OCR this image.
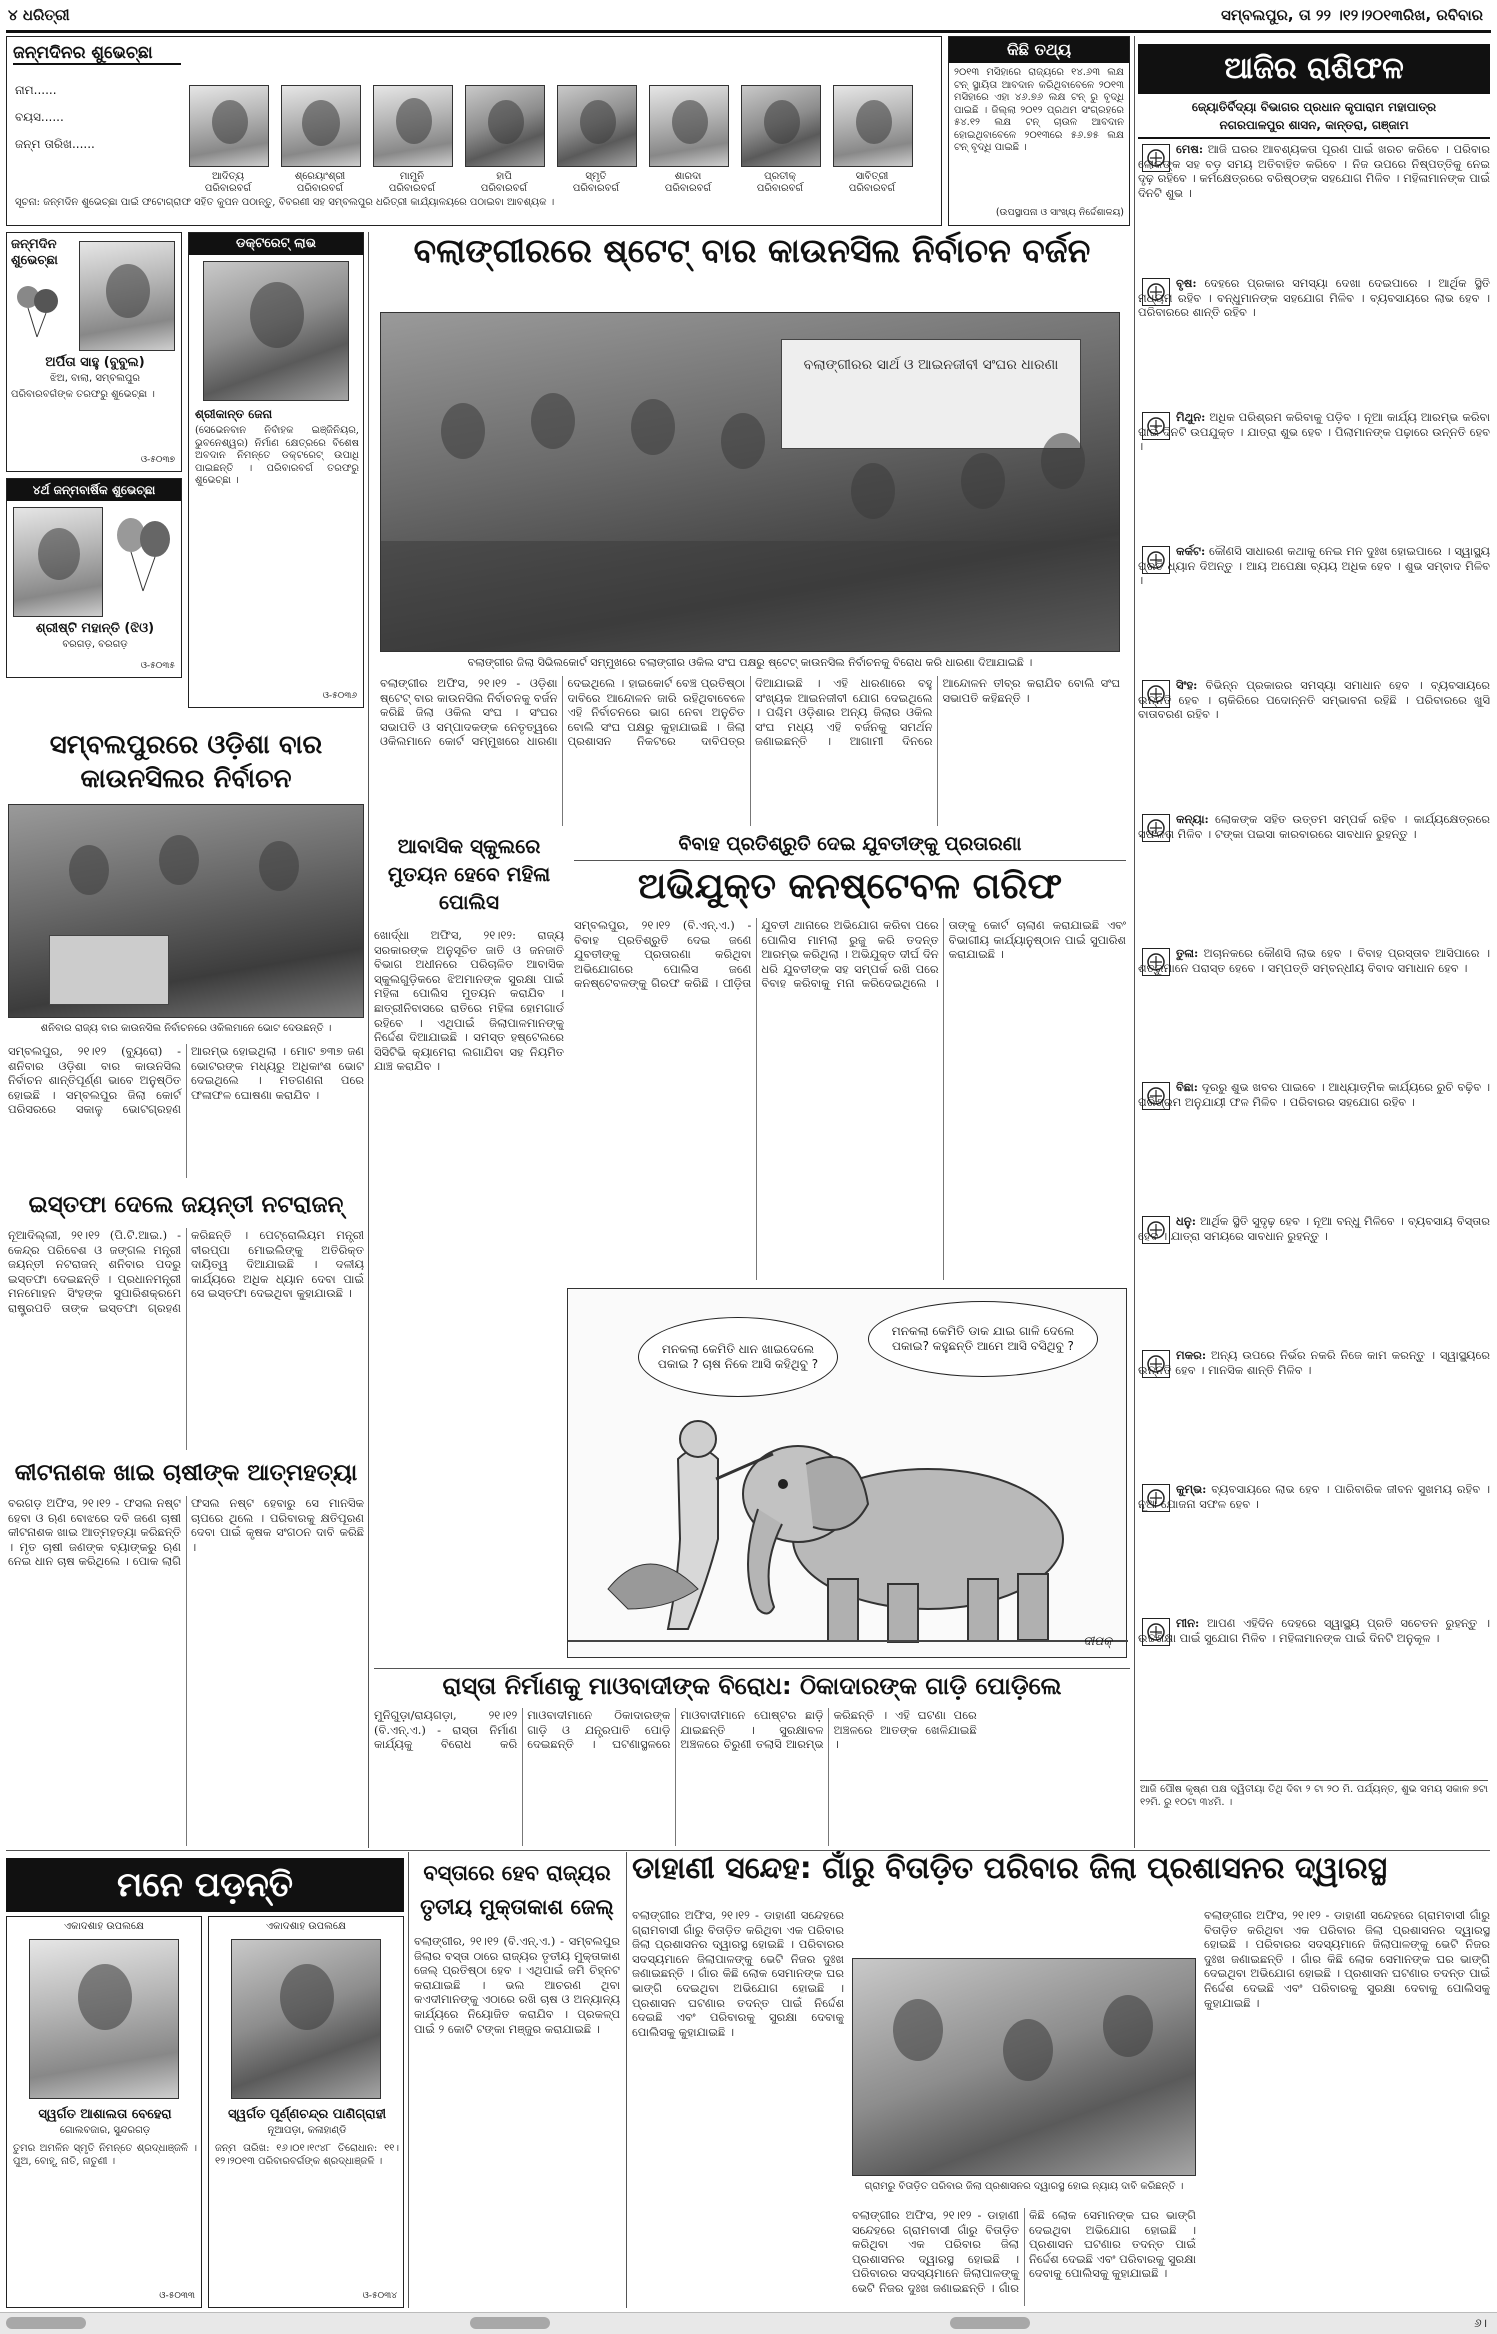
୪ ଧରିତ୍ରୀ	ସମ୍ବଲପୁର, ତା ୨୨ ।୧୨।୨୦୧୩ରିଖ, ରବିବାର
ଜନ୍ମଦିନର ଶୁଭେଚ୍ଛା
ନାମ......
ବୟସ......
ଜନ୍ମ ତାରିଖ......
ଆଦିତ୍ୟ
ପରିବାରବର୍ଗ
ଶ୍ରେୟାଂଶ୍ରୀ
ପରିବାରବର୍ଗ
ମାମୁନି
ପରିବାରବର୍ଗ
ହାପି
ପରିବାରବର୍ଗ
ସ୍ମୃତି
ପରିବାରବର୍ଗ
ଶାରଦା
ପରିବାରବର୍ଗ
ପ୍ରତୀକ୍
ପରିବାରବର୍ଗ
ସାବିତ୍ରୀ
ପରିବାରବର୍ଗ
ସୂଚନା: ଜନ୍ମଦିନ ଶୁଭେଚ୍ଛା ପାଇଁ ଫଟୋଗ୍ରାଫ ସହିତ କୁପନ ପଠାନ୍ତୁ, ବିବରଣୀ ସହ ସମ୍ବଲପୁର ଧରିତ୍ରୀ କାର୍ଯ୍ୟାଳୟରେ ପଠାଇବା ଆବଶ୍ୟକ ।
କିଛି ତଥ୍ୟ
୨୦୧୩ ମସିହାରେ ରାଜ୍ୟରେ ୧୪.୬୩ ଲକ୍ଷ ଟନ୍ ସ୍ଥାୟିତା ଆବଦାନ କରିଥିବାବେଳେ ୨୦୧୩ ମସିହାରେ ଏହା ୪୬.୭୬ ଲକ୍ଷ ଟନ୍ ରୁ ବୃଦ୍ଧି ପାଇଛି । ଜିଲ୍ଲା ୨୦୧୨ ପ୍ରଥମ ସଂଗ୍ରହରେ ୫୪.୧୨ ଲକ୍ଷ ଟନ୍ ଚାଉଳ ଆବଦାନ ହୋଇଥିବାବେଳେ ୨୦୧୩ରେ ୫୬.୭୫ ଲକ୍ଷ ଟନ୍ ବୃଦ୍ଧି ପାଇଛି ।
(ଉପସ୍ଥାପନା ଓ ସାଂଖ୍ୟ ନିର୍ଦ୍ଦେଶାଳୟ)
ଆଜିର ରାଶିଫଳ
ଜ୍ୟୋତିର୍ବିଦ୍ୟା ବିଭାଗର ପ୍ରଧାନ କୃପାରାମ ମହାପାତ୍ର
ନଗରପାଳପୁର ଶାସନ, କାନ୍ତରା, ଗଞ୍ଜାମ
ମେଷ: ଆଜି ଘରର ଆବଶ୍ୟକତା ପୂରଣ ପାଇଁ ଖରଚ କରିବେ । ପରିବାର ଲୋକଙ୍କ ସହ ବଡ଼ ସମୟ ଅତିବାହିତ କରିବେ । ନିଜ ଉପରେ ନିଷ୍ପତ୍ତିକୁ ନେଇ ଦୃଢ଼ ରହିବେ । କର୍ମକ୍ଷେତ୍ରରେ ବରିଷ୍ଠଙ୍କ ସହଯୋଗ ମିଳିବ । ମହିଳାମାନଙ୍କ ପାଇଁ ଦିନଟି ଶୁଭ ।
ବୃଷ: ଦେହରେ ପ୍ରକାର ସମସ୍ୟା ଦେଖା ଦେଇପାରେ । ଆର୍ଥିକ ସ୍ଥିତି ମଧ୍ୟମ ରହିବ । ବନ୍ଧୁମାନଙ୍କ ସହଯୋଗ ମିଳିବ । ବ୍ୟବସାୟରେ ଲାଭ ହେବ । ପରିବାରରେ ଶାନ୍ତି ରହିବ ।
ମିଥୁନ: ଅଧିକ ପରିଶ୍ରମ କରିବାକୁ ପଡ଼ିବ । ନୂଆ କାର୍ଯ୍ୟ ଆରମ୍ଭ କରିବା ପାଇଁ ଦିନଟି ଉପଯୁକ୍ତ । ଯାତ୍ରା ଶୁଭ ହେବ । ପିଲାମାନଙ୍କ ପଢ଼ାରେ ଉନ୍ନତି ହେବ ।
କର୍କଟ: କୌଣସି ସାଧାରଣ କଥାକୁ ନେଇ ମନ ଦୁଃଖ ହୋଇପାରେ । ସ୍ୱାସ୍ଥ୍ୟ ପ୍ରତି ଧ୍ୟାନ ଦିଅନ୍ତୁ । ଆୟ ଅପେକ୍ଷା ବ୍ୟୟ ଅଧିକ ହେବ । ଶୁଭ ସମ୍ବାଦ ମିଳିବ ।
ସିଂହ: ବିଭିନ୍ନ ପ୍ରକାରର ସମସ୍ୟା ସମାଧାନ ହେବ । ବ୍ୟବସାୟରେ ଉନ୍ନତି ହେବ । ଚାକିରିରେ ପଦୋନ୍ନତି ସମ୍ଭାବନା ରହିଛି । ପରିବାରରେ ଖୁସି ବାତାବରଣ ରହିବ ।
କନ୍ୟା: ଲୋକଙ୍କ ସହିତ ଉତ୍ତମ ସମ୍ପର୍କ ରହିବ । କାର୍ଯ୍ୟକ୍ଷେତ୍ରରେ ସଫଳତା ମିଳିବ । ଟଙ୍କା ପଇସା କାରବାରରେ ସାବଧାନ ରୁହନ୍ତୁ ।
ତୁଳା: ଅଚାନକରେ କୌଣସି ଲାଭ ହେବ । ବିବାହ ପ୍ରସ୍ତାବ ଆସିପାରେ । ଶତ୍ରୁମାନେ ପରାସ୍ତ ହେବେ । ସମ୍ପତ୍ତି ସମ୍ବନ୍ଧୀୟ ବିବାଦ ସମାଧାନ ହେବ ।
ବିଛା: ଦୂରରୁ ଶୁଭ ଖବର ପାଇବେ । ଆଧ୍ୟାତ୍ମିକ କାର୍ଯ୍ୟରେ ରୁଚି ବଢ଼ିବ । ପରିଶ୍ରମ ଅନୁଯାୟୀ ଫଳ ମିଳିବ । ପରିବାରର ସହଯୋଗ ରହିବ ।
ଧନୁ: ଆର୍ଥିକ ସ୍ଥିତି ସୁଦୃଢ଼ ହେବ । ନୂଆ ବନ୍ଧୁ ମିଳିବେ । ବ୍ୟବସାୟ ବିସ୍ତାର ହେବ । ଯାତ୍ରା ସମୟରେ ସାବଧାନ ରୁହନ୍ତୁ ।
ମକର: ଅନ୍ୟ ଉପରେ ନିର୍ଭର ନକରି ନିଜେ କାମ କରନ୍ତୁ । ସ୍ୱାସ୍ଥ୍ୟରେ ଉନ୍ନତି ହେବ । ମାନସିକ ଶାନ୍ତି ମିଳିବ ।
କୁମ୍ଭ: ବ୍ୟବସାୟରେ ଲାଭ ହେବ । ପାରିବାରିକ ଜୀବନ ସୁଖମୟ ରହିବ । ନୂଆ ଯୋଜନା ସଫଳ ହେବ ।
ମୀନ: ଆପଣ ଏହିଦିନ ଦେହରେ ସ୍ୱାସ୍ଥ୍ୟ ପ୍ରତି ସଚେତନ ରୁହନ୍ତୁ । ଉଚ୍ଚଶିକ୍ଷା ପାଇଁ ସୁଯୋଗ ମିଳିବ । ମହିଳାମାନଙ୍କ ପାଇଁ ଦିନଟି ଅନୁକୂଳ ।
ଆଜି ପୌଷ କୃଷ୍ଣ ପକ୍ଷ ଦ୍ୱିତୀୟା ତିଥି ଦିବା ୨ ଟା ୨୦ ମି. ପର୍ଯ୍ୟନ୍ତ, ଶୁଭ ସମୟ ସକାଳ ୭ଟା ୧୨ମି. ରୁ ୧୦ଟା ୩୪ମି. ।
ଜନ୍ମଦିନ ଶୁଭେଚ୍ଛା
ଅର୍ପିତା ସାହୁ (ବୁବୁଲ)
ଝିଅ, ବାଲା, ସମ୍ବଲପୁର
ପରିବାରବର୍ଗଙ୍କ ତରଫରୁ ଶୁଭେଚ୍ଛା ।
ଓ-୫୦୩୭
୪ର୍ଥ ଜନ୍ମବାର୍ଷିକ ଶୁଭେଚ୍ଛା
ଶ୍ରୀଷ୍ଟି ମହାନ୍ତି (ଝିଓ)
ବରଗଡ଼, ବରଗଡ଼
ଓ-୫୦୩୫
ଡକ୍ଟରେଟ୍ ଲାଭ
ଶ୍ରୀକାନ୍ତ ଜେନା
(ସେଭେନବାନ ନିର୍ବାହକ ଇଞ୍ଜିନିୟର, ଭୁବନେଶ୍ୱର) ନିର୍ମାଣ କ୍ଷେତ୍ରରେ ବିଶେଷ ଅବଦାନ ନିମନ୍ତେ ଡକ୍ଟରେଟ୍ ଉପାଧି ପାଇଛନ୍ତି । ପରିବାରବର୍ଗ ତରଫରୁ ଶୁଭେଚ୍ଛା ।
ଓ-୫୦୩୬
ବଲାଙ୍ଗୀରରେ ଷ୍ଟେଟ୍ ବାର କାଉନସିଲ ନିର୍ବାଚନ ବର୍ଜନ
ବଲାଙ୍ଗୀରର ସାର୍ଥ ଓ ଆଇନଜୀବୀ ସଂଘର ଧାରଣା
ବଲାଙ୍ଗୀର ଜିଲା ସିଭିଲକୋର୍ଟ ସମ୍ମୁଖରେ ବଲାଙ୍ଗୀର ଓକିଲ ସଂଘ ପକ୍ଷରୁ ଷ୍ଟେଟ୍ କାଉନସିଲ ନିର୍ବାଚନକୁ ବିରୋଧ କରି ଧାରଣା ଦିଆଯାଇଛି ।
ବଲାଙ୍ଗୀର ଅଫିସ, ୨୧।୧୨ - ଓଡ଼ିଶା ଷ୍ଟେଟ୍ ବାର କାଉନସିଲ ନିର୍ବାଚନକୁ ବର୍ଜନ କରିଛି ଜିଲା ଓକିଲ ସଂଘ । ସଂଘର ସଭାପତି ଓ ସମ୍ପାଦକଙ୍କ ନେତୃତ୍ୱରେ ଓକିଲମାନେ କୋର୍ଟ ସମ୍ମୁଖରେ ଧାରଣା ଦେଇଥିଲେ । ହାଇକୋର୍ଟ ବେଞ୍ଚ ପ୍ରତିଷ୍ଠା ଦାବିରେ ଆନ୍ଦୋଳନ ଜାରି ରହିଥିବାବେଳେ ଏହି ନିର୍ବାଚନରେ ଭାଗ ନେବା ଅନୁଚିତ ବୋଲି ସଂଘ ପକ୍ଷରୁ କୁହାଯାଇଛି । ଜିଲା ପ୍ରଶାସନ ନିକଟରେ ଦାବିପତ୍ର ଦିଆଯାଇଛି । ଏହି ଧାରଣାରେ ବହୁ ସଂଖ୍ୟକ ଆଇନଜୀବୀ ଯୋଗ ଦେଇଥିଲେ । ପଶ୍ଚିମ ଓଡ଼ିଶାର ଅନ୍ୟ ଜିଲାର ଓକିଲ ସଂଘ ମଧ୍ୟ ଏହି ବର୍ଜନକୁ ସମର୍ଥନ ଜଣାଇଛନ୍ତି । ଆଗାମୀ ଦିନରେ ଆନ୍ଦୋଳନ ତୀବ୍ର କରାଯିବ ବୋଲି ସଂଘ ସଭାପତି କହିଛନ୍ତି ।
ସମ୍ବଲପୁରରେ ଓଡ଼ିଶା ବାର କାଉନସିଲର ନିର୍ବାଚନ
ଶନିବାର ରାଜ୍ୟ ବାର କାଉନସିଲ ନିର୍ବାଚନରେ ଓକିଲମାନେ ଭୋଟ ଦେଉଛନ୍ତି ।
ସମ୍ବଲପୁର, ୨୧।୧୨ (ବ୍ୟୁରୋ) - ଶନିବାର ଓଡ଼ିଶା ବାର କାଉନସିଲ ନିର୍ବାଚନ ଶାନ୍ତିପୂର୍ଣ୍ଣ ଭାବେ ଅନୁଷ୍ଠିତ ହୋଇଛି । ସମ୍ବଲପୁର ଜିଲା କୋର୍ଟ ପରିସରରେ ସକାଳୁ ଭୋଟଗ୍ରହଣ ଆରମ୍ଭ ହୋଇଥିଲା । ମୋଟ ୭୩୭ ଜଣ ଭୋଟରଙ୍କ ମଧ୍ୟରୁ ଅଧିକାଂଶ ଭୋଟ ଦେଇଥିଲେ । ମତଗଣନା ପରେ ଫଳାଫଳ ଘୋଷଣା କରାଯିବ ।
ଆବାସିକ ସ୍କୁଲରେ ମୁତୟନ ହେବେ ମହିଳା ପୋଲିସ
ଖୋର୍ଦ୍ଧା ଅଫିସ, ୨୧।୧୨: ରାଜ୍ୟ ସରକାରଙ୍କ ଅନୁସୂଚିତ ଜାତି ଓ ଜନଜାତି ବିଭାଗ ଅଧୀନରେ ପରିଚାଳିତ ଆବାସିକ ସ୍କୁଲଗୁଡ଼ିକରେ ଝିଅମାନଙ୍କ ସୁରକ୍ଷା ପାଇଁ ମହିଳା ପୋଲିସ ମୁତୟନ କରାଯିବ । ଛାତ୍ରୀନିବାସରେ ରାତିରେ ମହିଳା ହୋମଗାର୍ଡ ରହିବେ । ଏଥିପାଇଁ ଜିଲାପାଳମାନଙ୍କୁ ନିର୍ଦ୍ଦେଶ ଦିଆଯାଇଛି । ସମସ୍ତ ହଷ୍ଟେଲରେ ସିସିଟିଭି କ୍ୟାମେରା ଲଗାଯିବା ସହ ନିୟମିତ ଯାଞ୍ଚ କରାଯିବ ।
ବିବାହ ପ୍ରତିଶ୍ରୁତି ଦେଇ ଯୁବତୀଙ୍କୁ ପ୍ରତାରଣା
ଅଭିଯୁକ୍ତ କନଷ୍ଟେବଳ ଗରିଫ
ସମ୍ବଲପୁର, ୨୧।୧୨ (ବି.ଏନ୍.ଏ.) - ବିବାହ ପ୍ରତିଶ୍ରୁତି ଦେଇ ଜଣେ ଯୁବତୀଙ୍କୁ ପ୍ରତାରଣା କରିଥିବା ଅଭିଯୋଗରେ ପୋଲିସ ଜଣେ କନଷ୍ଟେବଳଙ୍କୁ ଗିରଫ କରିଛି । ପୀଡ଼ିତା ଯୁବତୀ ଥାନାରେ ଅଭିଯୋଗ କରିବା ପରେ ପୋଲିସ ମାମଲା ରୁଜୁ କରି ତଦନ୍ତ ଆରମ୍ଭ କରିଥିଲା । ଅଭିଯୁକ୍ତ ଦୀର୍ଘ ଦିନ ଧରି ଯୁବତୀଙ୍କ ସହ ସମ୍ପର୍କ ରଖି ପରେ ବିବାହ କରିବାକୁ ମନା କରିଦେଇଥିଲେ । ତାଙ୍କୁ କୋର୍ଟ ଚାଲାଣ କରାଯାଇଛି ଏବଂ ବିଭାଗୀୟ କାର୍ଯ୍ୟାନୁଷ୍ଠାନ ପାଇଁ ସୁପାରିଶ କରାଯାଇଛି ।
ମନକଲା କେମିତି ଧାନ ଖାଇଦେଲେ ପକାଇ ? ଚାଷ ନିକେ ଆସି କହିଥିବୁ ?
ମନକଲା କେମିତି ଡାକ ଯାଇ ଗାଳି ଦେଲେ ପକାଇ? କହୁଛନ୍ତି ଆମେ ଆସି ବସିଥିବୁ ?
ଦୀପକ୍
ଇସ୍ତଫା ଦେଲେ ଜୟନ୍ତୀ ନଟରାଜନ୍
ନୂଆଦିଲ୍ଲୀ, ୨୧।୧୨ (ପି.ଟି.ଆଇ.) - କେନ୍ଦ୍ର ପରିବେଶ ଓ ଜଙ୍ଗଲ ମନ୍ତ୍ରୀ ଜୟନ୍ତୀ ନଟରାଜନ୍ ଶନିବାର ପଦରୁ ଇସ୍ତଫା ଦେଇଛନ୍ତି । ପ୍ରଧାନମନ୍ତ୍ରୀ ମନମୋହନ ସିଂହଙ୍କ ସୁପାରିଶକ୍ରମେ ରାଷ୍ଟ୍ରପତି ତାଙ୍କ ଇସ୍ତଫା ଗ୍ରହଣ କରିଛନ୍ତି । ପେଟ୍ରୋଲିୟମ ମନ୍ତ୍ରୀ ବୀରପ୍ପା ମୋଇଲିଙ୍କୁ ଅତିରିକ୍ତ ଦାୟିତ୍ୱ ଦିଆଯାଇଛି । ଦଳୀୟ କାର୍ଯ୍ୟରେ ଅଧିକ ଧ୍ୟାନ ଦେବା ପାଇଁ ସେ ଇସ୍ତଫା ଦେଇଥିବା କୁହାଯାଉଛି ।
କୀଟନାଶକ ଖାଇ ଚାଷୀଙ୍କ ଆତ୍ମହତ୍ୟା
ବରଗଡ଼ ଅଫିସ, ୨୧।୧୨ - ଫସଲ ନଷ୍ଟ ହେବା ଓ ଋଣ ବୋଝରେ ଦବି ଜଣେ ଚାଷୀ କୀଟନାଶକ ଖାଇ ଆତ୍ମହତ୍ୟା କରିଛନ୍ତି । ମୃତ ଚାଷୀ ଜଣଙ୍କ ବ୍ୟାଙ୍କରୁ ଋଣ ନେଇ ଧାନ ଚାଷ କରିଥିଲେ । ପୋକ ଲାଗି ଫସଲ ନଷ୍ଟ ହେବାରୁ ସେ ମାନସିକ ଚାପରେ ଥିଲେ । ପରିବାରକୁ କ୍ଷତିପୂରଣ ଦେବା ପାଇଁ କୃଷକ ସଂଗଠନ ଦାବି କରିଛି ।
ରାସ୍ତା ନିର୍ମାଣକୁ ମାଓବାଦୀଙ୍କ ବିରୋଧ: ଠିକାଦାରଙ୍କ ଗାଡ଼ି ପୋଡ଼ିଲେ
ମୁନିଗୁଡ଼ା/ରାୟଗଡ଼ା, ୨୧।୧୨ (ବି.ଏନ୍.ଏ.) - ରାସ୍ତା ନିର୍ମାଣ କାର୍ଯ୍ୟକୁ ବିରୋଧ କରି ମାଓବାଦୀମାନେ ଠିକାଦାରଙ୍କ ଗାଡ଼ି ଓ ଯନ୍ତ୍ରପାତି ପୋଡ଼ି ଦେଇଛନ୍ତି । ଘଟଣାସ୍ଥଳରେ ମାଓବାଦୀମାନେ ପୋଷ୍ଟର ଛାଡ଼ି ଯାଇଛନ୍ତି । ସୁରକ୍ଷାବଳ ଅଞ୍ଚଳରେ ଚିରୁଣୀ ତଲାସି ଆରମ୍ଭ କରିଛନ୍ତି । ଏହି ଘଟଣା ପରେ ଅଞ୍ଚଳରେ ଆତଙ୍କ ଖେଳିଯାଇଛି ।
ମନେ ପଡ଼ନ୍ତି
ଏକାଦଶାହ ଉପଲକ୍ଷେ
ସ୍ୱର୍ଗତ ଆଶାଲତା ବେହେରା
ଗୋଲବଜାର, ସୁନ୍ଦରଗଡ଼
ତୁମର ଅମଳିନ ସ୍ମୃତି ନିମନ୍ତେ ଶ୍ରଦ୍ଧାଞ୍ଜଳି । ପୁଅ, ବୋହୂ, ନାତି, ନାତୁଣୀ ।
ଓ-୫୦୩୩
ଏକାଦଶାହ ଉପଲକ୍ଷେ
ସ୍ୱର୍ଗତ ପୂର୍ଣ୍ଣଚନ୍ଦ୍ର ପାଣିଗ୍ରାହୀ
ନୂଆପଡ଼ା, କଳାହାଣ୍ଡି
ଜନ୍ମ ତାରିଖ: ୧୬।୦୧।୧୯୪୮ ତିରୋଧାନ: ୧୧।୧୨।୨୦୧୩ ପରିବାରବର୍ଗଙ୍କ ଶ୍ରଦ୍ଧାଞ୍ଜଳି ।
ଓ-୫୦୩୪
ବସ୍ତାରେ ହେବ ରାଜ୍ୟର ତୃତୀୟ ମୁକ୍ତାକାଶ ଜେଲ୍
ବଲାଙ୍ଗୀର, ୨୧।୧୨ (ବି.ଏନ୍.ଏ.) - ସମ୍ବଲପୁର ଜିଲାର ବସ୍ତା ଠାରେ ରାଜ୍ୟର ତୃତୀୟ ମୁକ୍ତାକାଶ ଜେଲ୍ ପ୍ରତିଷ୍ଠା ହେବ । ଏଥିପାଇଁ ଜମି ଚିହ୍ନଟ କରାଯାଇଛି । ଭଲ ଆଚରଣ ଥିବା କଏଦୀମାନଙ୍କୁ ଏଠାରେ ରଖି ଚାଷ ଓ ଅନ୍ୟାନ୍ୟ କାର୍ଯ୍ୟରେ ନିୟୋଜିତ କରାଯିବ । ପ୍ରକଳ୍ପ ପାଇଁ ୨ କୋଟି ଟଙ୍କା ମଞ୍ଜୁର କରାଯାଇଛି ।
ଡାହାଣୀ ସନ୍ଦେହ: ଗାଁରୁ ବିତାଡ଼ିତ ପରିବାର ଜିଲା ପ୍ରଶାସନର ଦ୍ୱାରସ୍ଥ
ଗ୍ରାମରୁ ବିତାଡ଼ିତ ପରିବାର ଜିଲା ପ୍ରଶାସନର ଦ୍ୱାରସ୍ଥ ହୋଇ ନ୍ୟାୟ ଦାବି କରିଛନ୍ତି ।
ବଲାଙ୍ଗୀର ଅଫିସ, ୨୧।୧୨ - ଡାହାଣୀ ସନ୍ଦେହରେ ଗ୍ରାମବାସୀ ଗାଁରୁ ବିତାଡ଼ିତ କରିଥିବା ଏକ ପରିବାର ଜିଲା ପ୍ରଶାସନର ଦ୍ୱାରସ୍ଥ ହୋଇଛି । ପରିବାରର ସଦସ୍ୟମାନେ ଜିଲାପାଳଙ୍କୁ ଭେଟି ନିଜର ଦୁଃଖ ଜଣାଇଛନ୍ତି । ଗାଁର କିଛି ଲୋକ ସେମାନଙ୍କ ଘର ଭାଙ୍ଗି ଦେଇଥିବା ଅଭିଯୋଗ ହୋଇଛି । ପ୍ରଶାସନ ଘଟଣାର ତଦନ୍ତ ପାଇଁ ନିର୍ଦ୍ଦେଶ ଦେଇଛି ଏବଂ ପରିବାରକୁ ସୁରକ୍ଷା ଦେବାକୁ ପୋଲିସକୁ କୁହାଯାଇଛି ।
ବଲାଙ୍ଗୀର ଅଫିସ, ୨୧।୧୨ - ଡାହାଣୀ ସନ୍ଦେହରେ ଗ୍ରାମବାସୀ ଗାଁରୁ ବିତାଡ଼ିତ କରିଥିବା ଏକ ପରିବାର ଜିଲା ପ୍ରଶାସନର ଦ୍ୱାରସ୍ଥ ହୋଇଛି । ପରିବାରର ସଦସ୍ୟମାନେ ଜିଲାପାଳଙ୍କୁ ଭେଟି ନିଜର ଦୁଃଖ ଜଣାଇଛନ୍ତି । ଗାଁର କିଛି ଲୋକ ସେମାନଙ୍କ ଘର ଭାଙ୍ଗି ଦେଇଥିବା ଅଭିଯୋଗ ହୋଇଛି । ପ୍ରଶାସନ ଘଟଣାର ତଦନ୍ତ ପାଇଁ ନିର୍ଦ୍ଦେଶ ଦେଇଛି ଏବଂ ପରିବାରକୁ ସୁରକ୍ଷା ଦେବାକୁ ପୋଲିସକୁ କୁହାଯାଇଛି ।
ବଲାଙ୍ଗୀର ଅଫିସ, ୨୧।୧୨ - ଡାହାଣୀ ସନ୍ଦେହରେ ଗ୍ରାମବାସୀ ଗାଁରୁ ବିତାଡ଼ିତ କରିଥିବା ଏକ ପରିବାର ଜିଲା ପ୍ରଶାସନର ଦ୍ୱାରସ୍ଥ ହୋଇଛି । ପରିବାରର ସଦସ୍ୟମାନେ ଜିଲାପାଳଙ୍କୁ ଭେଟି ନିଜର ଦୁଃଖ ଜଣାଇଛନ୍ତି । ଗାଁର କିଛି ଲୋକ ସେମାନଙ୍କ ଘର ଭାଙ୍ଗି ଦେଇଥିବା ଅଭିଯୋଗ ହୋଇଛି । ପ୍ରଶାସନ ଘଟଣାର ତଦନ୍ତ ପାଇଁ ନିର୍ଦ୍ଦେଶ ଦେଇଛି ଏବଂ ପରିବାରକୁ ସୁରକ୍ଷା ଦେବାକୁ ପୋଲିସକୁ କୁହାଯାଇଛି ।
୬।
